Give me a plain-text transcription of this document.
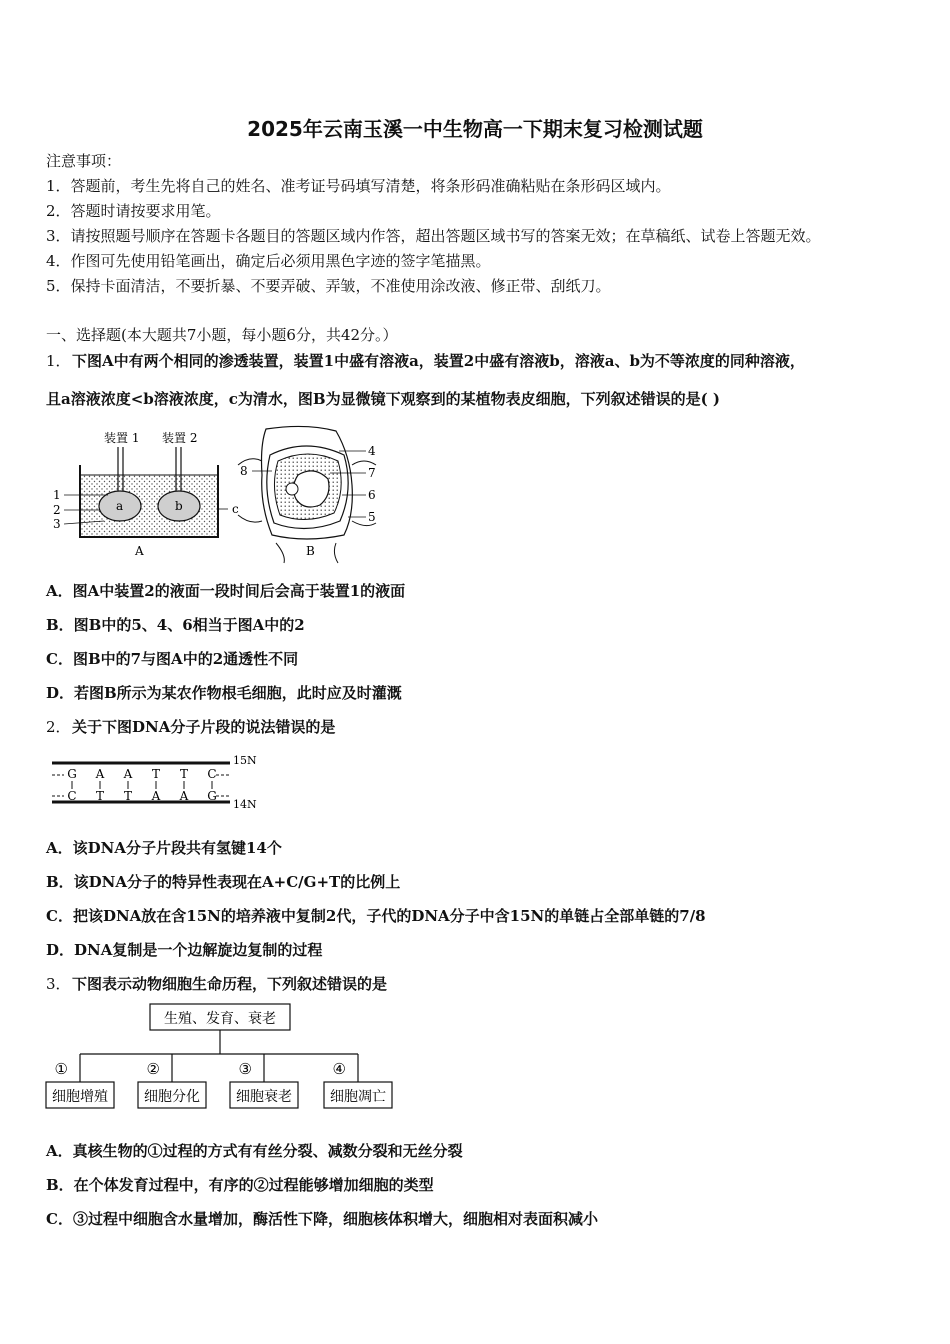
2025年云南玉溪一中生物高一下期末复习检测试题
注意事项：
1．答题前，考生先将自己的姓名、准考证号码填写清楚，将条形码准确粘贴在条形码区域内。
2．答题时请按要求用笔。
3．请按照题号顺序在答题卡各题目的答题区域内作答，超出答题区域书写的答案无效；在草稿纸、试卷上答题无效。
4．作图可先使用铅笔画出，确定后必须用黑色字迹的签字笔描黑。
5．保持卡面清洁，不要折暴、不要弄破、弄皱，不准使用涂改液、修正带、刮纸刀。
一、选择题(本大题共7小题，每小题6分，共42分。）
1． 下图A中有两个相同的渗透装置，装置1中盛有溶液a，装置2中盛有溶液b，溶液a、b为不等浓度的同种溶液，
且a溶液浓度<b溶液浓度，c为清水，图B为显微镜下观察到的某植物表皮细胞，下列叙述错误的是( )
装置 1 装置 2
1
2
3
a	b	c
A
4
7
6
5
8
B
A．图A中装置2的液面一段时间后会高于装置1的液面
B．图B中的5、4、6相当于图A中的2
C．图B中的7与图A中的2通透性不同
D．若图B所示为某农作物根毛细胞，此时应及时灌溉
2． 关于下图DNA分子片段的说法错误的是
G
C
A
T
A
T
T
A
T
A
C
G
15N
14N
A．该DNA分子片段共有氢键14个
B．该DNA分子的特异性表现在A+C/G+T的比例上
C．把该DNA放在含15N的培养液中复制2代，子代的DNA分子中含15N的单链占全部单链的7/8
D．DNA复制是一个边解旋边复制的过程
3． 下图表示动物细胞生命历程，下列叙述错误的是
生殖、发育、衰老
①
细胞增殖
②
细胞分化
③
细胞衰老
④
细胞凋亡
A．真核生物的①过程的方式有有丝分裂、减数分裂和无丝分裂
B．在个体发育过程中，有序的②过程能够增加细胞的类型
C．③过程中细胞含水量增加，酶活性下降，细胞核体积增大，细胞相对表面积减小
